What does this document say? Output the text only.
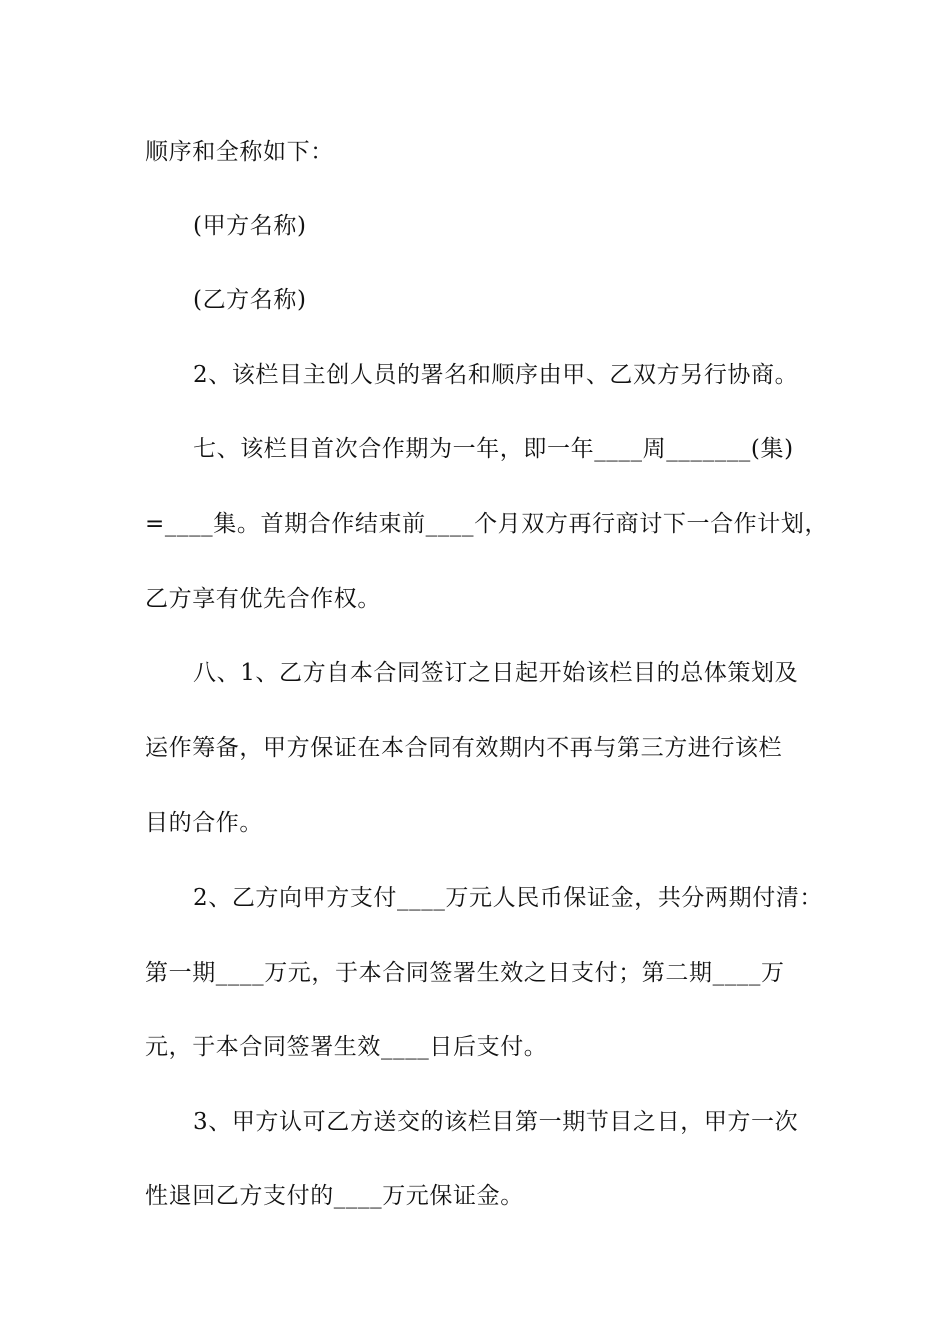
顺序和全称如下：
(甲方名称)
(乙方名称)
2、该栏目主创人员的署名和顺序由甲、乙双方另行协商。
七、该栏目首次合作期为一年，即一年____周_______(集)
=____集。首期合作结束前____个月双方再行商讨下一合作计划，
乙方享有优先合作权。
八、1、乙方自本合同签订之日起开始该栏目的总体策划及
运作筹备，甲方保证在本合同有效期内不再与第三方进行该栏
目的合作。
2、乙方向甲方支付____万元人民币保证金，共分两期付清：
第一期____万元，于本合同签署生效之日支付；第二期____万
元，于本合同签署生效____日后支付。
3、甲方认可乙方送交的该栏目第一期节目之日，甲方一次
性退回乙方支付的____万元保证金。
